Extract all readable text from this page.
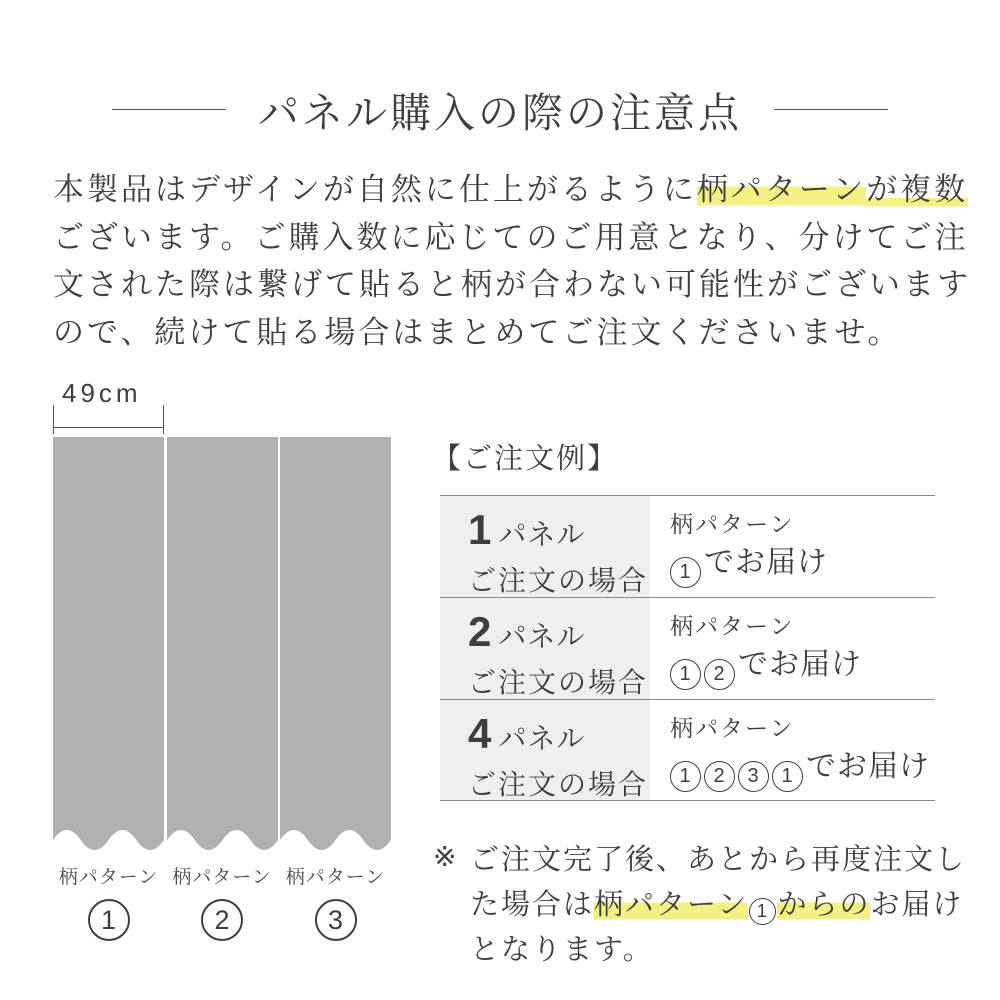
パネル購入の際の注意点
本製品はデザインが自然に仕上がるように柄パターンが複数
ございます。ご購入数に応じてのご用意となり、分けてご注
文された際は繋げて貼ると柄が合わない可能性がございます
ので、続けて貼る場合はまとめてご注文くださいませ。
49cm
柄パターン
1
柄パターン
2
柄パターン
3
【ご注文例】
1 パネル
ご注文の場合
柄パターン
1 でお届け
2 パネル
ご注文の場合
柄パターン
1 2 でお届け
4 パネル
ご注文の場合
柄パターン
1 2 3 1 でお届け
※ ご注文完了後、あとから再度注文し
た場合は柄パターン 1 からのお届け
となります。
